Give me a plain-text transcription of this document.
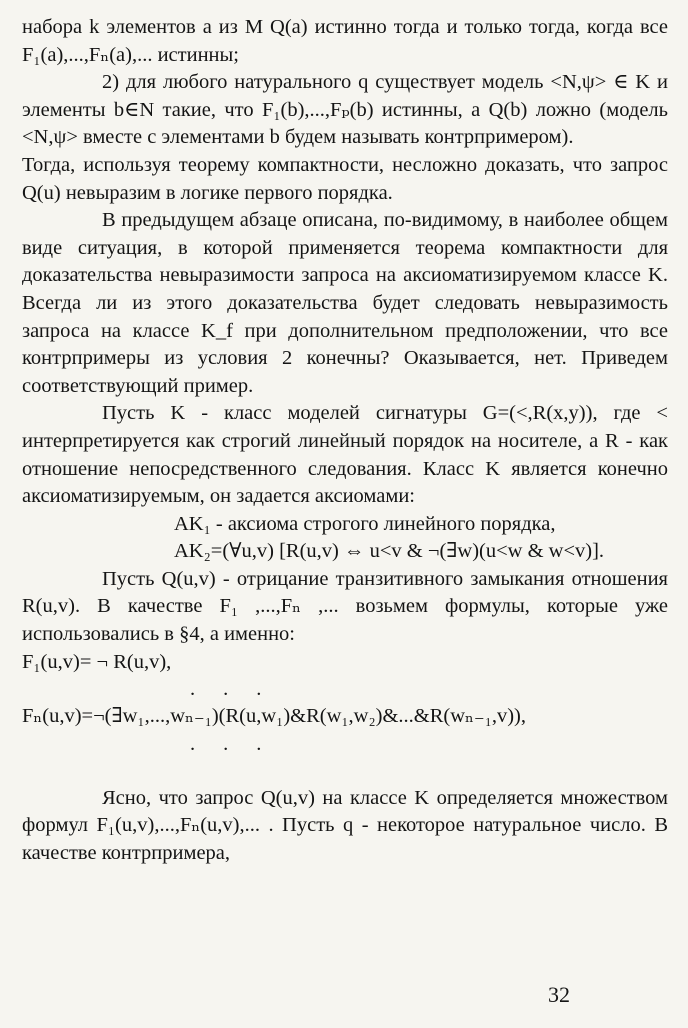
набора k элементов a из M Q(a) истинно тогда и только тогда, когда все F₁(a),...,Fₙ(a),... истинны;

2) для любого натурального q существует модель <N,ψ> ∈ K и элементы b∈N такие, что F₁(b),...,Fₚ(b) истинны, а Q(b) ложно (модель <N,ψ> вместе с элементами b будем называть контрпримером).

Тогда, используя теорему компактности, несложно доказать, что запрос Q(u) невыразим в логике первого порядка.

В предыдущем абзаце описана, по-видимому, в наиболее общем виде ситуация, в которой применяется теорема компактности для доказательства невыразимости запроса на аксиоматизируемом классе K. Всегда ли из этого доказательства будет следовать невыразимость запроса на классе K_f при дополнительном предположении, что все контрпримеры из условия 2 конечны? Оказывается, нет. Приведем соответствующий пример.

Пусть K - класс моделей сигнатуры G=(<,R(x,y)), где < интерпретируется как строгий линейный порядок на носителе, а R - как отношение непосредственного следования. Класс K является конечно аксиоматизируемым, он задается аксиомами:

AK₁ - аксиома строгого линейного порядка,

AK₂=(∀u,v) [R(u,v) ⇔ u<v & ¬(∃w)(u<w & w<v)].

Пусть Q(u,v) - отрицание транзитивного замыкания отношения R(u,v). В качестве F₁ ,...,Fₙ ,... возьмем формулы, которые уже использовались в §4, а именно:

F₁(u,v)= ¬ R(u,v),

...

Fₙ(u,v)=¬(∃w₁,...,wₙ₋₁)(R(u,w₁)&R(w₁,w₂)&...&R(wₙ₋₁,v)),

...

Ясно, что запрос Q(u,v) на классе K определяется множеством формул F₁(u,v),...,Fₙ(u,v),... . Пусть q - некоторое натуральное число. В качестве контрпримера,

32
